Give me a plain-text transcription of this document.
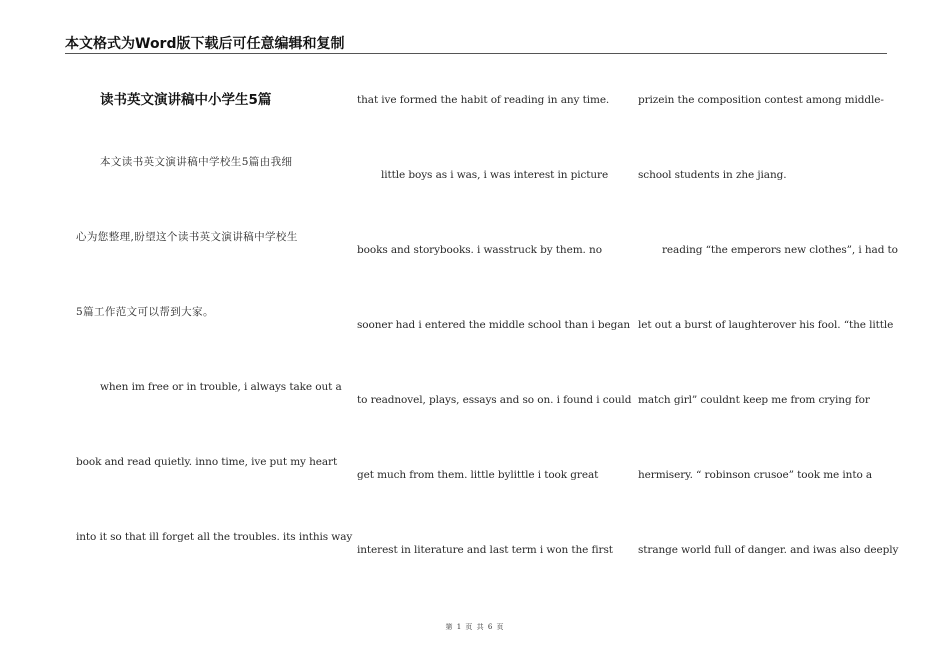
本文格式为Word版下载后可任意编辑和复制
读书英文演讲稿中小学生5篇
本文读书英文演讲稿中学校生5篇由我细
心为您整理,盼望这个读书英文演讲稿中学校生
5篇工作范文可以帮到大家。
when im free or in trouble, i always take out a
book and read quietly. inno time, ive put my heart
into it so that ill forget all the troubles. its inthis way
that ive formed the habit of reading in any time.
little boys as i was, i was interest in picture
books and storybooks. i wasstruck by them. no
sooner had i entered the middle school than i began
to readnovel, plays, essays and so on. i found i could
get much from them. little bylittle i took great
interest in literature and last term i won the first
prizein the composition contest among middle-
school students in zhe jiang.
reading “the emperors new clothes”, i had to
let out a burst of laughterover his fool. “the little
match girl” couldnt keep me from crying for
hermisery. “ robinson crusoe” took me into a
strange world full of danger. and iwas also deeply
第 1 页 共 6 页
